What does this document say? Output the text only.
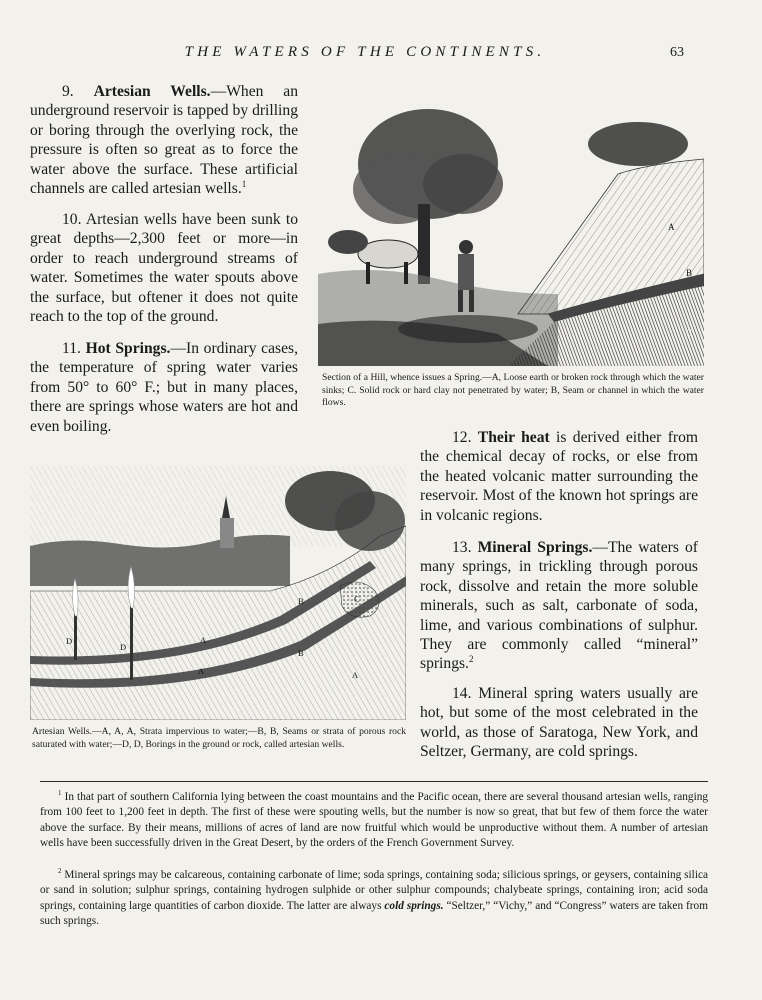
THE WATERS OF THE CONTINENTS.	63

9. Artesian Wells.—When an underground reservoir is tapped by drilling or boring through the overlying rock, the pressure is often so great as to force the water above the surface. These artificial channels are called artesian wells.$^1$

10. Artesian wells have been sunk to great depths—2,300 feet or more—in order to reach underground streams of water. Sometimes the water spouts above the surface, but oftener it does not quite reach to the top of the ground.

11. Hot Springs.—In ordinary cases, the temperature of spring water varies from 50° to 60° F.; but in many places, there are springs whose waters are hot and even boiling.

A
B
C

Section of a Hill, whence issues a Spring.—A, Loose earth or broken rock through which the water sinks; C. Solid rock or hard clay not penetrated by water; B, Seam or channel in which the water flows.

D
D
A
A	A
B
B
C

Artesian Wells.—A, A, A, Strata impervious to water;—B, B, Seams or strata of porous rock saturated with water;—D, D, Borings in the ground or rock, called artesian wells.

12. Their heat is derived either from the chemical decay of rocks, or else from the heated volcanic matter surrounding the reservoir. Most of the known hot springs are in volcanic regions.

13. Mineral Springs.—The waters of many springs, in trickling through porous rock, dissolve and retain the more soluble minerals, such as salt, carbonate of soda, lime, and various combinations of sulphur. They are commonly called “mineral” springs.$^2$

14. Mineral spring waters usually are hot, but some of the most celebrated in the world, as those of Saratoga, New York, and Seltzer, Germany, are cold springs.

$^1$ In that part of southern California lying between the coast mountains and the Pacific ocean, there are several thousand artesian wells, ranging from 100 feet to 1,200 feet in depth. The first of these were spouting wells, but the number is now so great, that but few of them force the water above the surface. By their means, millions of acres of land are now fruitful which would be unproductive without them. A number of artesian wells have been successfully driven in the Great Desert, by the orders of the French Government Survey.

$^2$ Mineral springs may be calcareous, containing carbonate of lime; soda springs, containing soda; silicious springs, or geysers, containing silica or sand in solution; sulphur springs, containing hydrogen sulphide or other sulphur compounds; chalybeate springs, containing iron; acid soda springs, containing large quantities of carbon dioxide. The latter are always cold springs. “Seltzer,” “Vichy,” and “Congress” waters are taken from such springs.
